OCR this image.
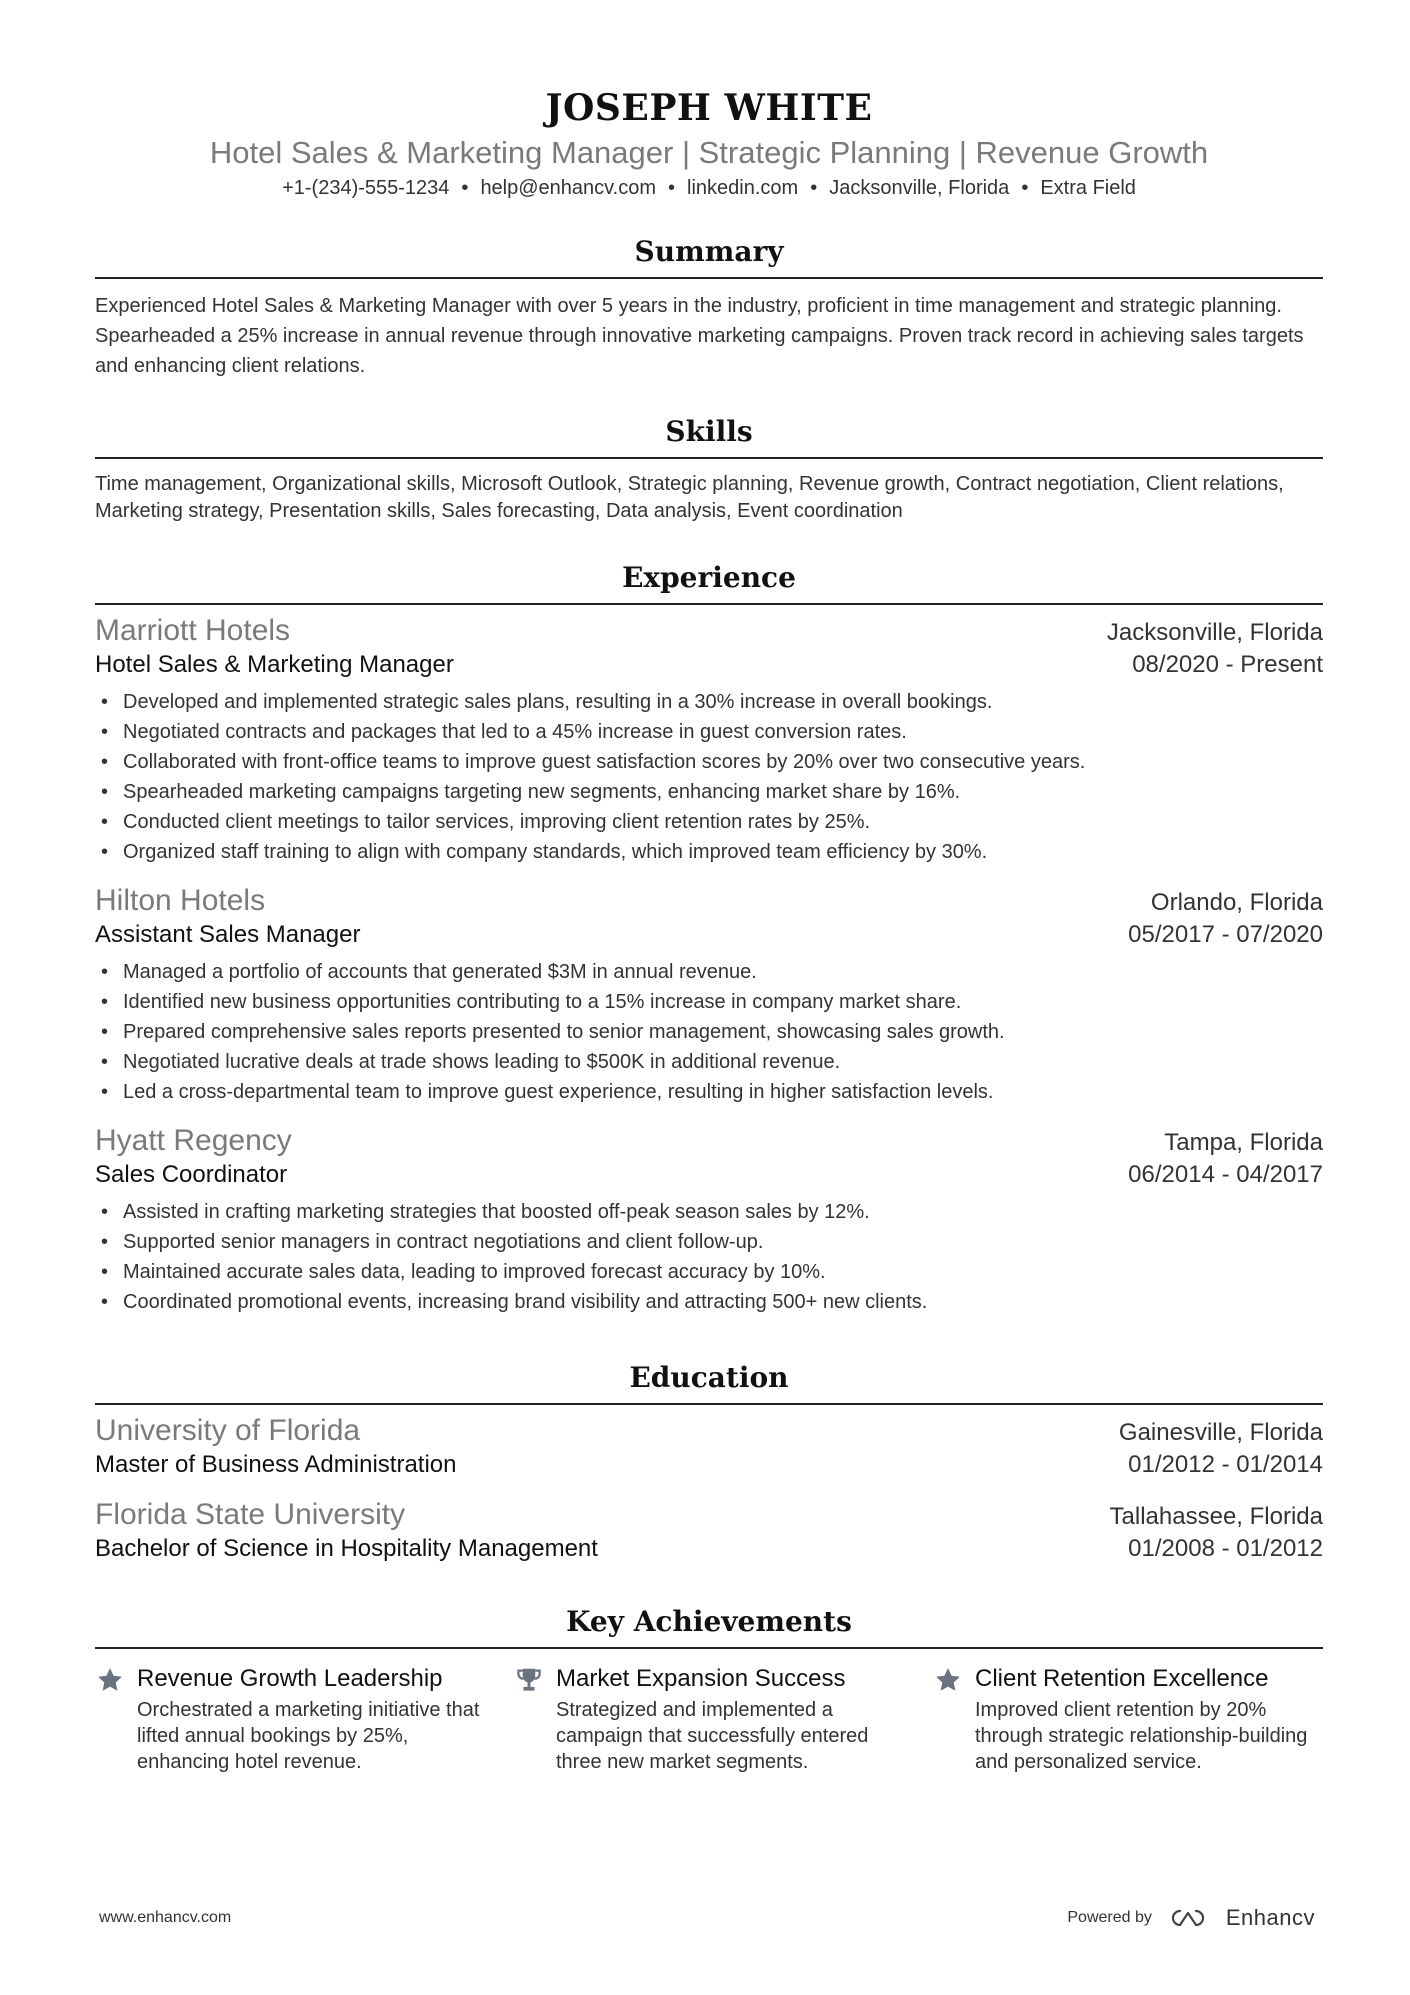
JOSEPH WHITE
Hotel Sales & Marketing Manager | Strategic Planning | Revenue Growth
+1-(234)-555-1234 • help@enhancv.com • linkedin.com • Jacksonville, Florida • Extra Field
Summary
Experienced Hotel Sales & Marketing Manager with over 5 years in the industry, proficient in time management and strategic planning. Spearheaded a 25% increase in annual revenue through innovative marketing campaigns. Proven track record in achieving sales targets and enhancing client relations.
Skills
Time management, Organizational skills, Microsoft Outlook, Strategic planning, Revenue growth, Contract negotiation, Client relations, Marketing strategy, Presentation skills, Sales forecasting, Data analysis, Event coordination
Experience
Marriott Hotels	Jacksonville, Florida
Hotel Sales & Marketing Manager	08/2020 - Present
• Developed and implemented strategic sales plans, resulting in a 30% increase in overall bookings.
• Negotiated contracts and packages that led to a 45% increase in guest conversion rates.
• Collaborated with front-office teams to improve guest satisfaction scores by 20% over two consecutive years.
• Spearheaded marketing campaigns targeting new segments, enhancing market share by 16%.
• Conducted client meetings to tailor services, improving client retention rates by 25%.
• Organized staff training to align with company standards, which improved team efficiency by 30%.
Hilton Hotels	Orlando, Florida
Assistant Sales Manager	05/2017 - 07/2020
• Managed a portfolio of accounts that generated $3M in annual revenue.
• Identified new business opportunities contributing to a 15% increase in company market share.
• Prepared comprehensive sales reports presented to senior management, showcasing sales growth.
• Negotiated lucrative deals at trade shows leading to $500K in additional revenue.
• Led a cross-departmental team to improve guest experience, resulting in higher satisfaction levels.
Hyatt Regency	Tampa, Florida
Sales Coordinator	06/2014 - 04/2017
• Assisted in crafting marketing strategies that boosted off-peak season sales by 12%.
• Supported senior managers in contract negotiations and client follow-up.
• Maintained accurate sales data, leading to improved forecast accuracy by 10%.
• Coordinated promotional events, increasing brand visibility and attracting 500+ new clients.
Education
University of Florida	Gainesville, Florida
Master of Business Administration	01/2012 - 01/2014
Florida State University	Tallahassee, Florida
Bachelor of Science in Hospitality Management	01/2008 - 01/2012
Key Achievements
Revenue Growth Leadership
Orchestrated a marketing initiative that lifted annual bookings by 25%, enhancing hotel revenue.
Market Expansion Success
Strategized and implemented a campaign that successfully entered three new market segments.
Client Retention Excellence
Improved client retention by 20% through strategic relationship-building and personalized service.
www.enhancv.com	Powered by	Enhancv
